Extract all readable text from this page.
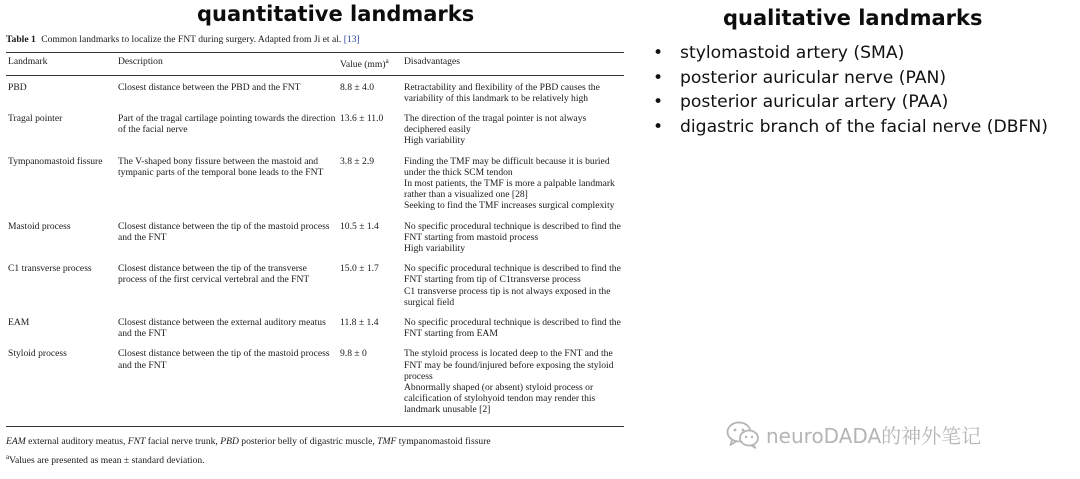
quantitative landmarks	qualitative landmarks
Table 1 Common landmarks to localize the FNT during surgery. Adapted from Ji et al. [13]
Landmark	Description	Value (mm)$^a$	Disadvantages
PBD	Closest distance between the PBD and the FNT	8.8 ± 4.0	Retractability and flexibility of the PBD causes the variability of this landmark to be relatively high

Tragal pointer	Part of the tragal cartilage pointing towards the direction of the facial nerve	13.6 ± 11.0	The direction of the tragal pointer is not always deciphered easily
High variability

Tympanomastoid fissure	The V-shaped bony fissure between the mastoid and tympanic parts of the temporal bone leads to the FNT	3.8 ± 2.9	Finding the TMF may be difficult because it is buried under the thick SCM tendon
In most patients, the TMF is more a palpable landmark rather than a visualized one [28]
Seeking to find the TMF increases surgical complexity

Mastoid process	Closest distance between the tip of the mastoid process and the FNT	10.5 ± 1.4	No specific procedural technique is described to find the FNT starting from mastoid process
High variability

C1 transverse process	Closest distance between the tip of the transverse process of the first cervical vertebral and the FNT	15.0 ± 1.7	No specific procedural technique is described to find the FNT starting from tip of C1transverse process
C1 transverse process tip is not always exposed in the surgical field

EAM	Closest distance between the external auditory meatus and the FNT	11.8 ± 1.4	No specific procedural technique is described to find the FNT starting from EAM

Styloid process	Closest distance between the tip of the mastoid process and the FNT	9.8 ± 0	The styloid process is located deep to the FNT and the FNT may be found/injured before exposing the styloid process
Abnormally shaped (or absent) styloid process or calcification of stylohyoid tendon may render this landmark unusable [2]
EAM external auditory meatus, FNT facial nerve trunk, PBD posterior belly of digastric muscle, TMF tympanomastoid fissure
$^a$Values are presented as mean ± standard deviation.
• stylomastoid artery (SMA)
• posterior auricular nerve (PAN)
• posterior auricular artery (PAA)
• digastric branch of the facial nerve (DBFN)
neuroDADA的神外笔记
